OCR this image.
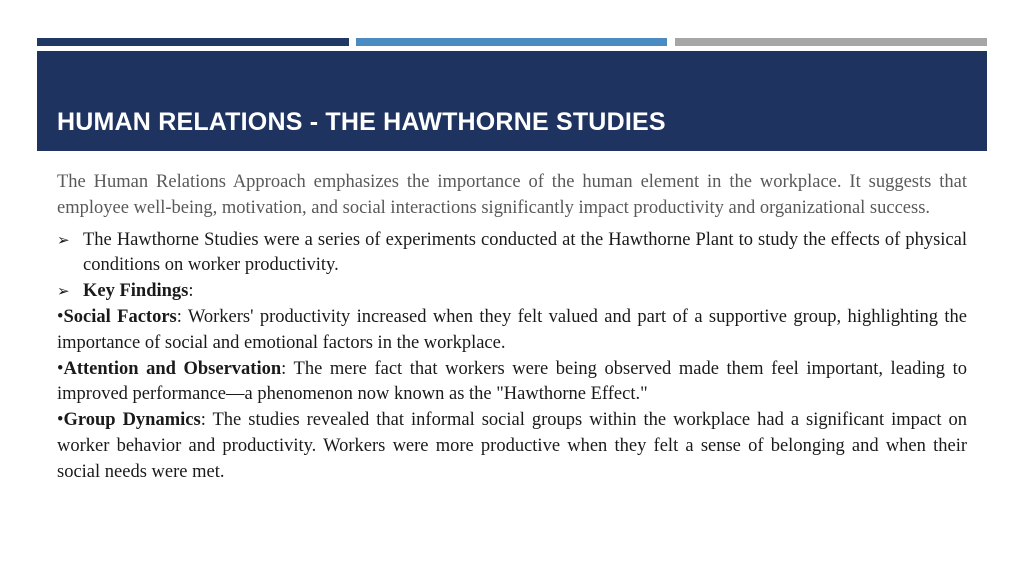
HUMAN RELATIONS - THE HAWTHORNE STUDIES

The Human Relations Approach emphasizes the importance of the human element in the workplace. It suggests that employee well-being, motivation, and social interactions significantly impact productivity and organizational success.

➢ The Hawthorne Studies were a series of experiments conducted at the Hawthorne Plant to study the effects of physical conditions on worker productivity.

➢ Key Findings:

•Social Factors: Workers' productivity increased when they felt valued and part of a supportive group, highlighting the importance of social and emotional factors in the workplace.

•Attention and Observation: The mere fact that workers were being observed made them feel important, leading to improved performance—a phenomenon now known as the "Hawthorne Effect."

•Group Dynamics: The studies revealed that informal social groups within the workplace had a significant impact on worker behavior and productivity. Workers were more productive when they felt a sense of belonging and when their social needs were met.
